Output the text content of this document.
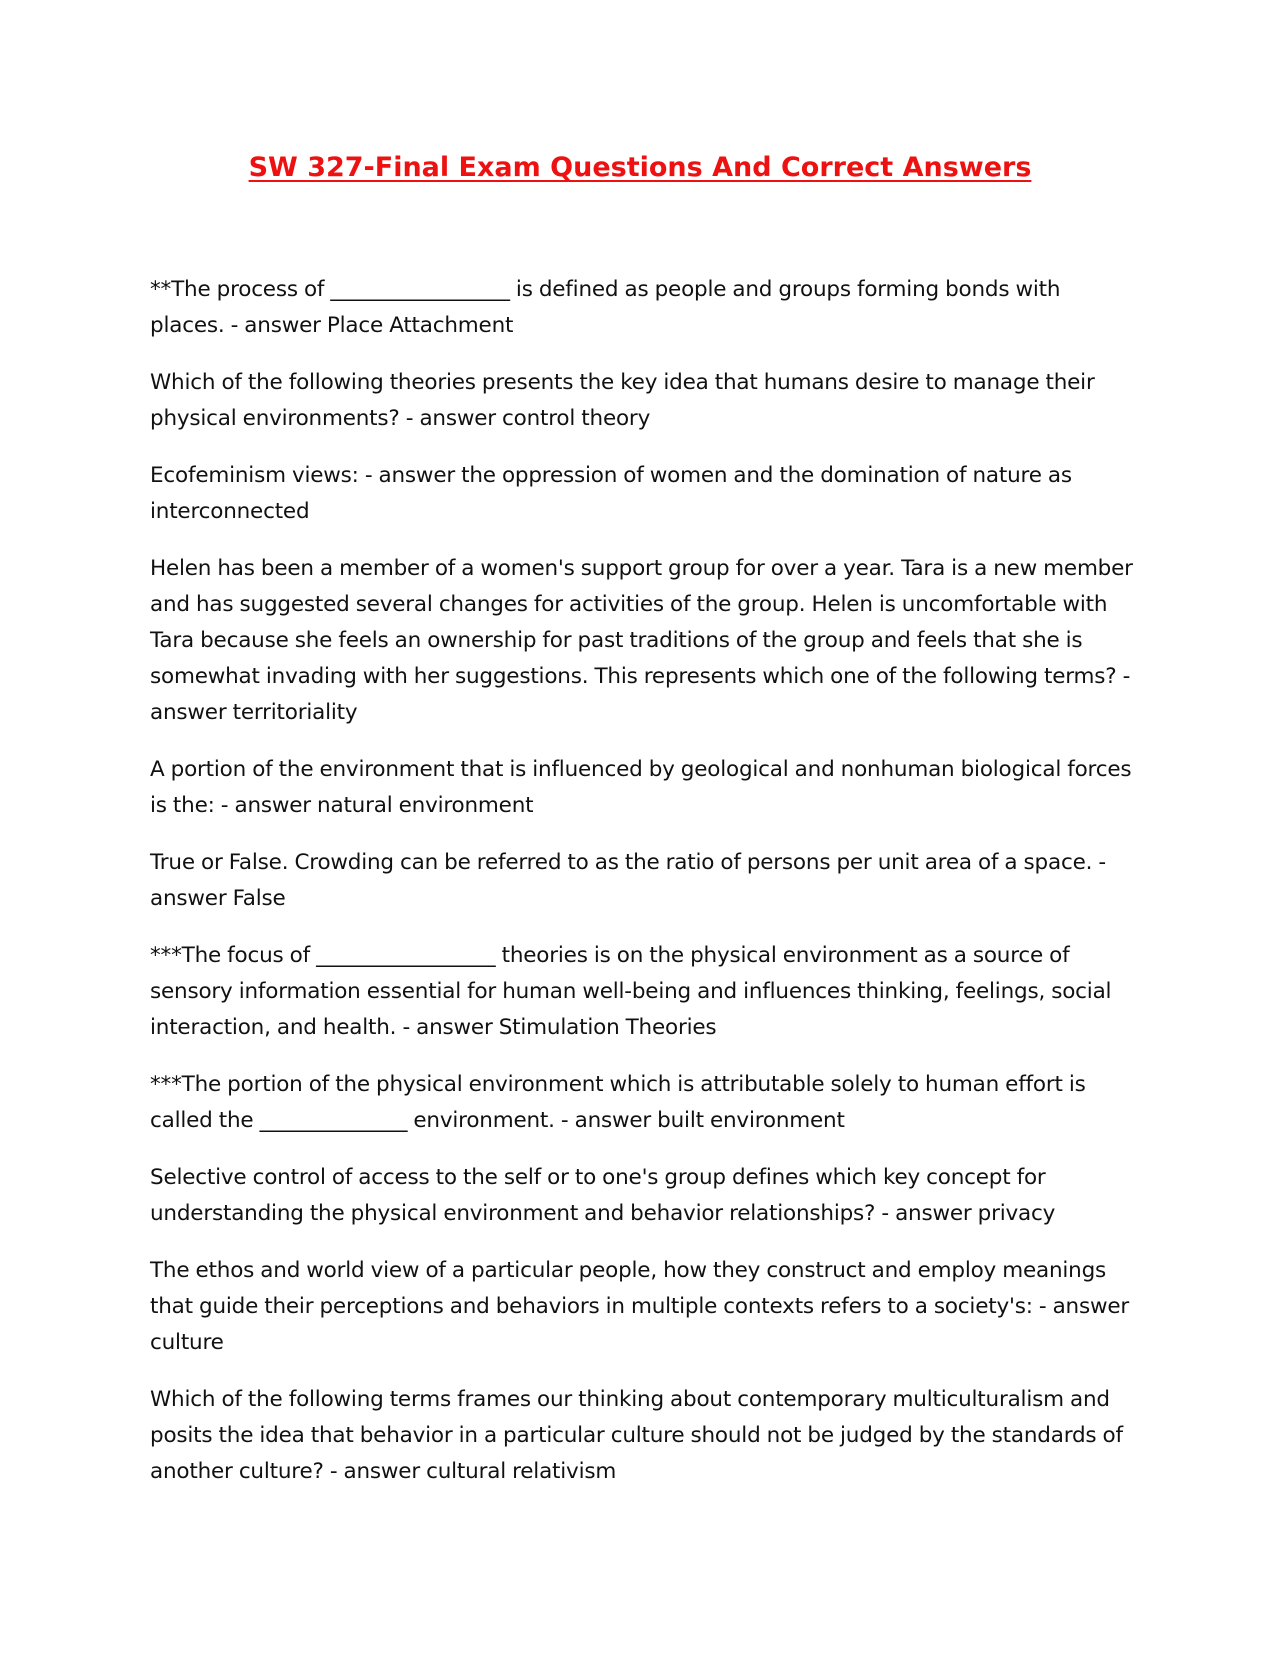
SW 327-Final Exam Questions And Correct Answers

**The process of _________________ is defined as people and groups forming bonds with places. - answer Place Attachment

Which of the following theories presents the key idea that humans desire to manage their physical environments? - answer control theory

Ecofeminism views: - answer the oppression of women and the domination of nature as interconnected

Helen has been a member of a women's support group for over a year. Tara is a new member and has suggested several changes for activities of the group. Helen is uncomfortable with Tara because she feels an ownership for past traditions of the group and feels that she is somewhat invading with her suggestions. This represents which one of the following terms? - answer territoriality

A portion of the environment that is influenced by geological and nonhuman biological forces is the: - answer natural environment

True or False. Crowding can be referred to as the ratio of persons per unit area of a space. - answer False

***The focus of _________________ theories is on the physical environment as a source of sensory information essential for human well-being and influences thinking, feelings, social interaction, and health. - answer Stimulation Theories

***The portion of the physical environment which is attributable solely to human effort is called the ______________ environment. - answer built environment

Selective control of access to the self or to one's group defines which key concept for understanding the physical environment and behavior relationships? - answer privacy

The ethos and world view of a particular people, how they construct and employ meanings that guide their perceptions and behaviors in multiple contexts refers to a society's: - answer culture

Which of the following terms frames our thinking about contemporary multiculturalism and posits the idea that behavior in a particular culture should not be judged by the standards of another culture? - answer cultural relativism
